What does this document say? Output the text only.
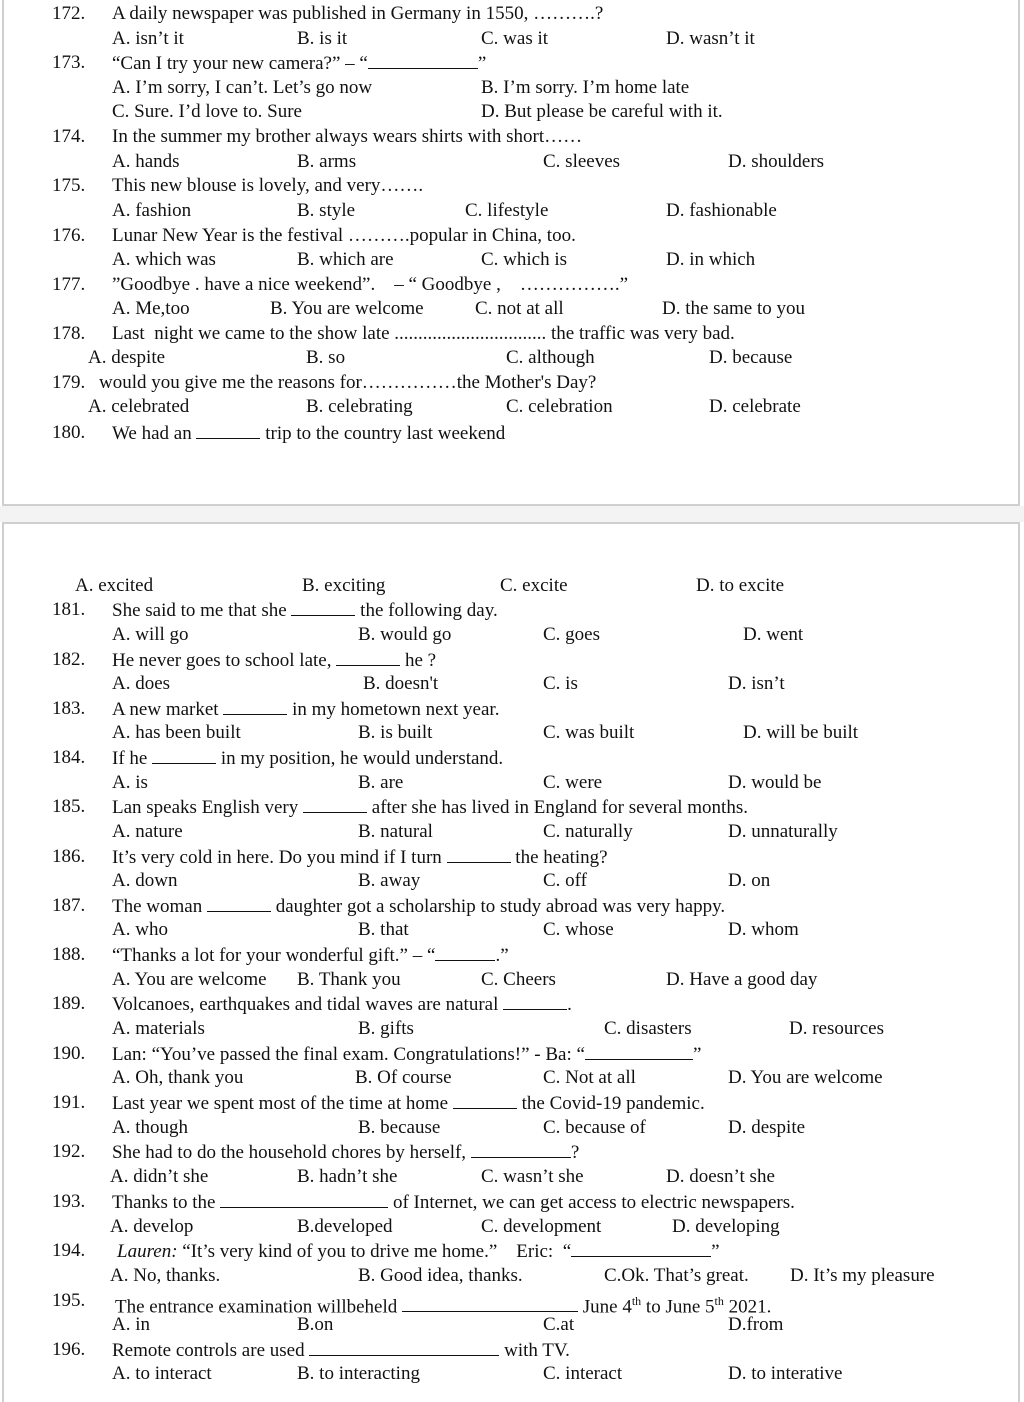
172. A daily newspaper was published in Germany in 1550, ……….?
A. isn’t it	B. is it	C. was it	D. wasn’t it
173. “Can I try your new camera?” – “	”
A. I’m sorry, I can’t. Let’s go now	B. I’m sorry. I’m home late
C. Sure. I’d love to. Sure	D. But please be careful with it.
174. In the summer my brother always wears shirts with short……
A. hands	B. arms	C. sleeves	D. shoulders
175. This new blouse is lovely, and very…….
A. fashion	B. style	C. lifestyle	D. fashionable
176. Lunar New Year is the festival ……….popular in China, too.
A. which was	B. which are	C. which is	D. in which
177. ”Goodbye . have a nice weekend”.    – “ Goodbye ,    …………….”
A. Me,too	B. You are welcome	C. not at all	D. the same to you
178. Last  night we came to the show late ................................ the traffic was very bad.
A. despite	B. so	C. although	D. because
179. would you give me the reasons for……………the Mother's Day?
A. celebrated	B. celebrating	C. celebration	D. celebrate
180. We had an	trip to the country last weekend
A. excited	B. exciting	C. excite	D. to excite
181. She said to me that she	the following day.
A. will go	B. would go	C. goes	D. went
182. He never goes to school late,	he ?
A. does	B. doesn't	C. is	D. isn’t
183. A new market	in my hometown next year.
A. has been built	B. is built	C. was built	D. will be built
184. If he	in my position, he would understand.
A. is	B. are	C. were	D. would be
185. Lan speaks English very	after she has lived in England for several months.
A. nature	B. natural	C. naturally	D. unnaturally
186. It’s very cold in here. Do you mind if I turn	the heating?
A. down	B. away	C. off	D. on
187. The woman	daughter got a scholarship to study abroad was very happy.
A. who	B. that	C. whose	D. whom
188. “Thanks a lot for your wonderful gift.” – “	.”
A. You are welcome B. Thank you	C. Cheers	D. Have a good day
189. Volcanoes, earthquakes and tidal waves are natural	.
A. materials	B. gifts	C. disasters	D. resources
190. Lan: “You’ve passed the final exam. Congratulations!” - Ba: “	”
A. Oh, thank you	B. Of course	C. Not at all	D. You are welcome
191. Last year we spent most of the time at home	the Covid-19 pandemic.
A. though	B. because	C. because of	D. despite
192. She had to do the household chores by herself,	?
A. didn’t she	B. hadn’t she	C. wasn’t she	D. doesn’t she
193. Thanks to the	of Internet, we can get access to electric newspapers.
A. develop	B.developed	C. development	D. developing
194. Lauren: “It’s very kind of you to drive me home.”    Eric:  “	”
A. No, thanks.	B. Good idea, thanks.	C.Ok. That’s great. D. It’s my pleasure
195. The entrance examination willbeheld	June 4th to June 5th 2021.
A. in	B.on	C.at	D.from
196. Remote controls are used	with TV.
A. to interact	B. to interacting	C. interact	D. to interative
